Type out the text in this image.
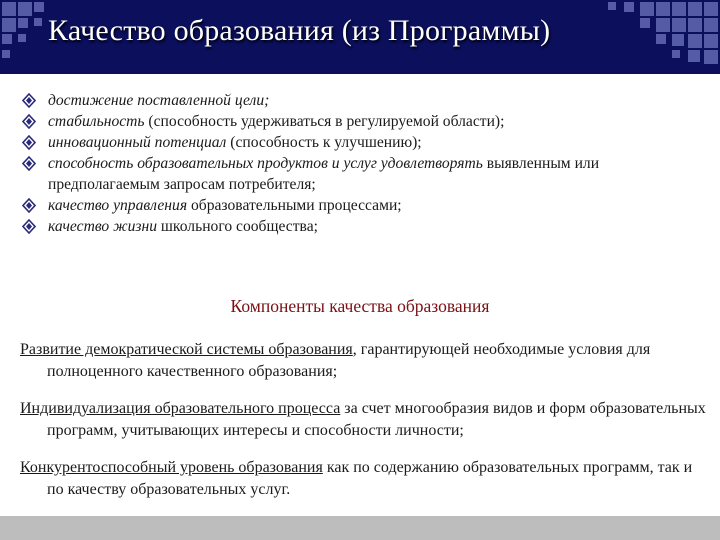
Качество образования (из Программы)
достижение поставленной цели;
стабильность (способность удерживаться в регулируемой области);
инновационный потенциал (способность к улучшению);
способность образовательных продуктов и услуг удовлетворять выявленным или предполагаемым запросам потребителя;
качество управления образовательными процессами;
качество жизни школьного сообщества;
Компоненты качества образования

Развитие демократической системы образования, гарантирующей необходимые условия для полноценного качественного образования;

Индивидуализация образовательного процесса за счет многообразия видов и форм образовательных программ, учитывающих интересы и способности личности;

Конкурентоспособный уровень образования как по содержанию образовательных программ, так и по качеству образовательных услуг.
